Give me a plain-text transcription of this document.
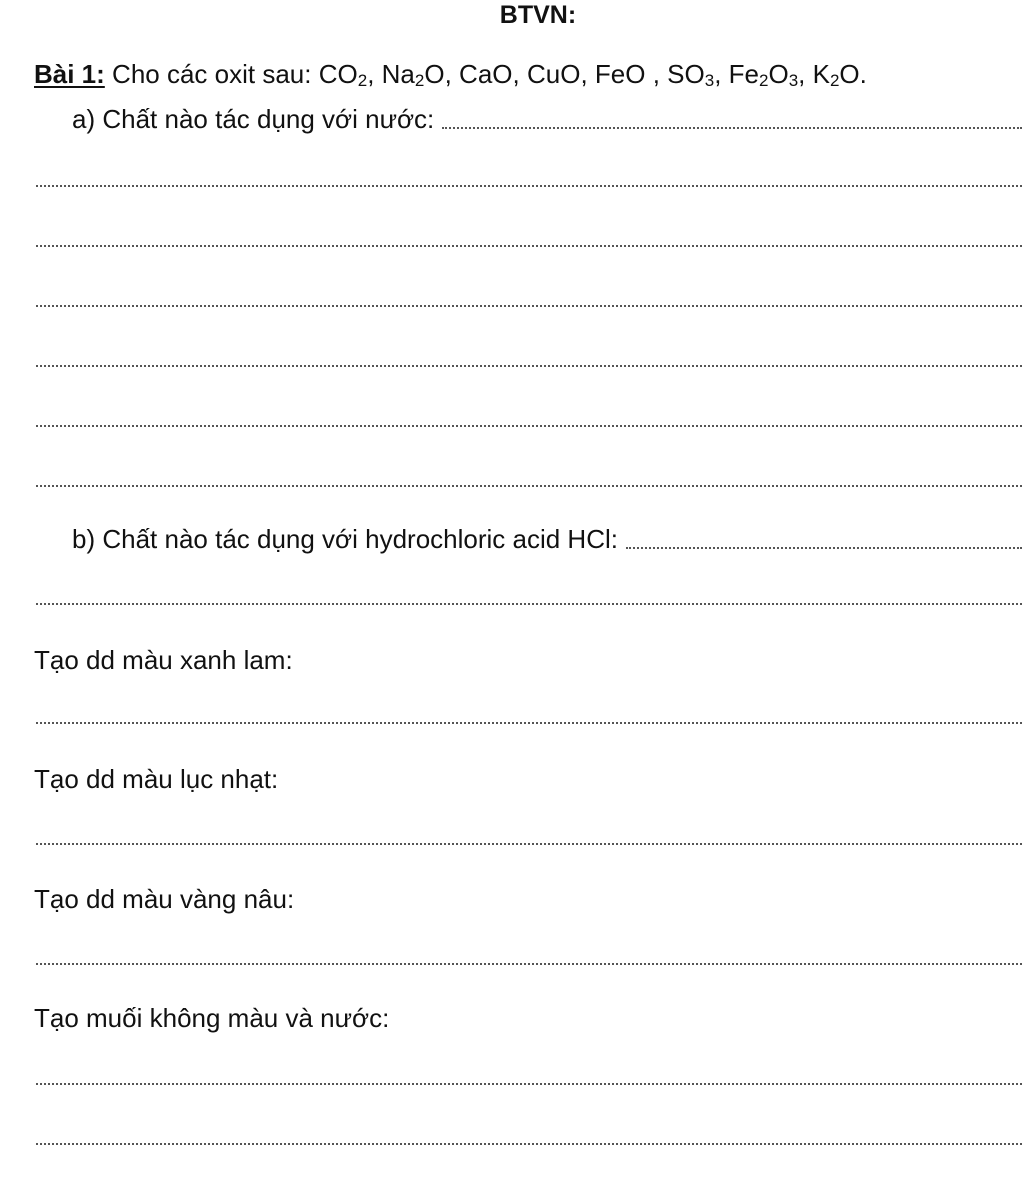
BTVN:
Bài 1: Cho các oxit sau: $CO_2$, $Na_2O$, CaO, CuO, FeO , $SO_3$, $Fe_2O_3$, $K_2O$.
a) Chất nào tác dụng với nước:
b) Chất nào tác dụng với hydrochloric acid HCl:
Tạo dd màu xanh lam:
Tạo dd màu lục nhạt:
Tạo dd màu vàng nâu:
Tạo muối không màu và nước:
